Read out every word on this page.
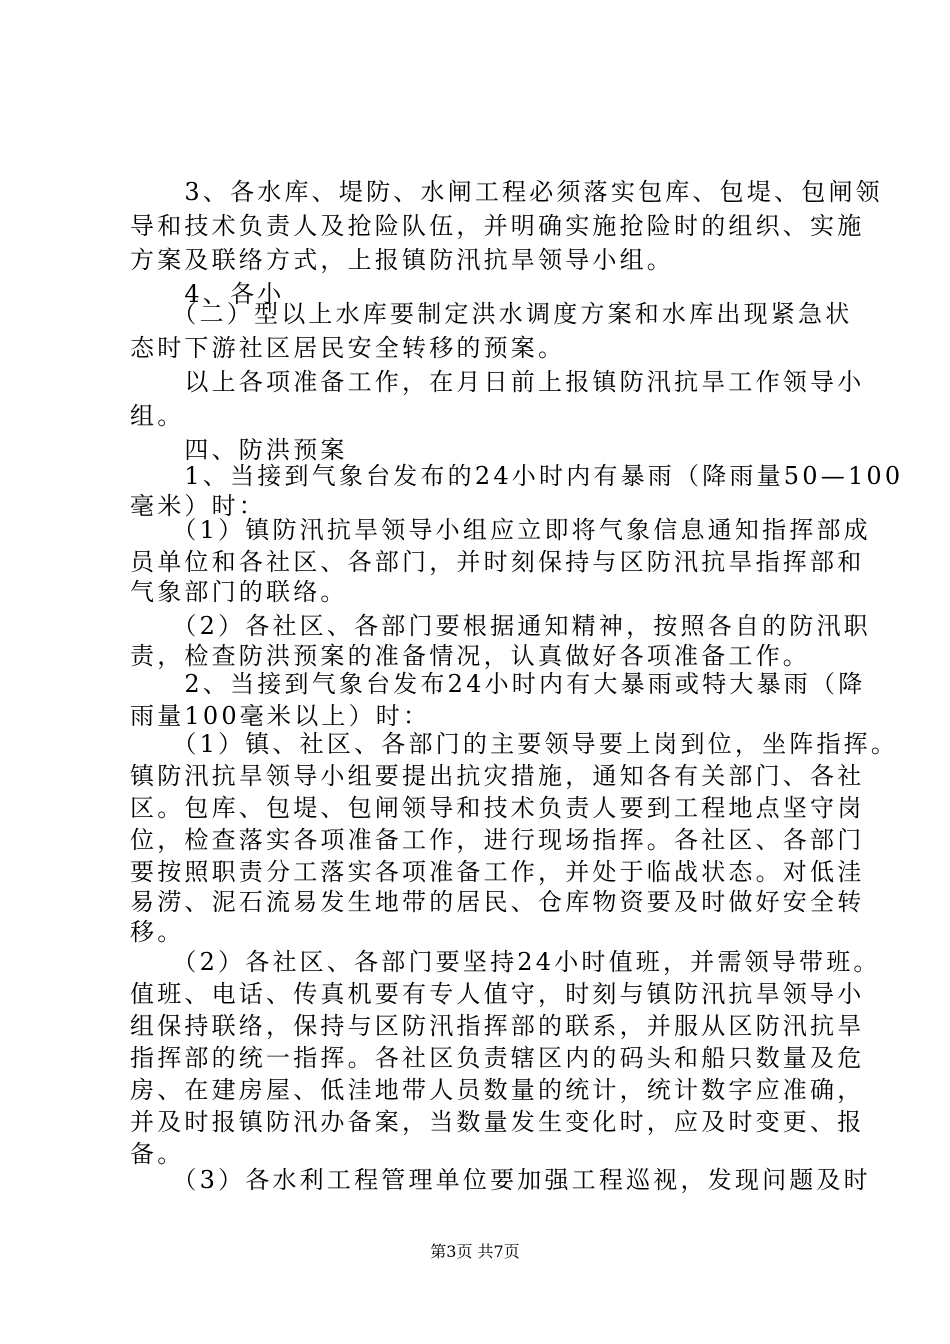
　　3、各水库、堤防、水闸工程必须落实包库、包堤、包闸领
导和技术负责人及抢险队伍，并明确实施抢险时的组织、实施
方案及联络方式，上报镇防汛抗旱领导小组。
　　4、各小
　　（二）型以上水库要制定洪水调度方案和水库出现紧急状
态时下游社区居民安全转移的预案。
　　以上各项准备工作，在月日前上报镇防汛抗旱工作领导小
组。
　　四、防洪预案
　　1、当接到气象台发布的24小时内有暴雨（降雨量50—100
毫米）时：
　　（1）镇防汛抗旱领导小组应立即将气象信息通知指挥部成
员单位和各社区、各部门，并时刻保持与区防汛抗旱指挥部和
气象部门的联络。
　　（2）各社区、各部门要根据通知精神，按照各自的防汛职
责，检查防洪预案的准备情况，认真做好各项准备工作。
　　2、当接到气象台发布24小时内有大暴雨或特大暴雨（降
雨量100毫米以上）时：
　　（1）镇、社区、各部门的主要领导要上岗到位，坐阵指挥。
镇防汛抗旱领导小组要提出抗灾措施，通知各有关部门、各社
区。包库、包堤、包闸领导和技术负责人要到工程地点坚守岗
位，检查落实各项准备工作，进行现场指挥。各社区、各部门
要按照职责分工落实各项准备工作，并处于临战状态。对低洼
易涝、泥石流易发生地带的居民、仓库物资要及时做好安全转
移。
　　（2）各社区、各部门要坚持24小时值班，并需领导带班。
值班、电话、传真机要有专人值守，时刻与镇防汛抗旱领导小
组保持联络，保持与区防汛指挥部的联系，并服从区防汛抗旱
指挥部的统一指挥。各社区负责辖区内的码头和船只数量及危
房、在建房屋、低洼地带人员数量的统计，统计数字应准确，
并及时报镇防汛办备案，当数量发生变化时，应及时变更、报
备。
　　（3）各水利工程管理单位要加强工程巡视，发现问题及时
第3页 共7页
